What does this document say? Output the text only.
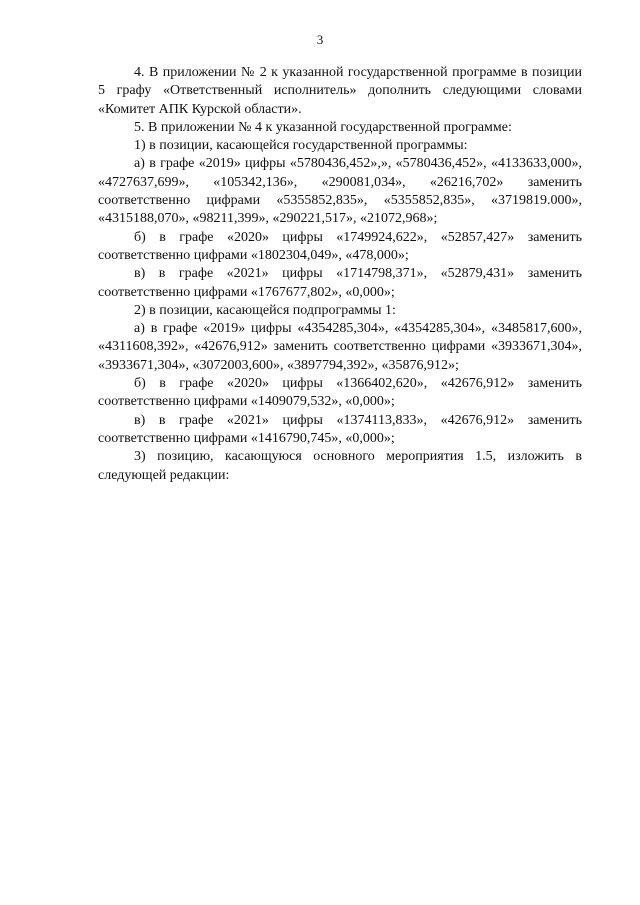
3

4. В приложении № 2 к указанной государственной программе в позиции 5 графу «Ответственный исполнитель» дополнить следующими словами «Комитет АПК Курской области».

5. В приложении № 4 к указанной государственной программе:

1) в позиции, касающейся государственной программы:

а) в графе «2019» цифры «5780436,452»,», «5780436,452», «4133633,000», «4727637,699», «105342,136», «290081,034», «26216,702» заменить соответственно цифрами «5355852,835», «5355852,835», «3719819.000», «4315188,070», «98211,399», «290221,517», «21072,968»;

б) в графе «2020» цифры «1749924,622», «52857,427» заменить соответственно цифрами «1802304,049», «478,000»;

в) в графе «2021» цифры «1714798,371», «52879,431» заменить соответственно цифрами «1767677,802», «0,000»;

2) в позиции, касающейся подпрограммы 1:

а) в графе «2019» цифры «4354285,304», «4354285,304», «3485817,600», «4311608,392», «42676,912» заменить соответственно цифрами «3933671,304», «3933671,304», «3072003,600», «3897794,392», «35876,912»;

б) в графе «2020» цифры «1366402,620», «42676,912» заменить соответственно цифрами «1409079,532», «0,000»;

в) в графе «2021» цифры «1374113,833», «42676,912» заменить соответственно цифрами «1416790,745», «0,000»;

3) позицию, касающуюся основного мероприятия 1.5, изложить в следующей редакции:
